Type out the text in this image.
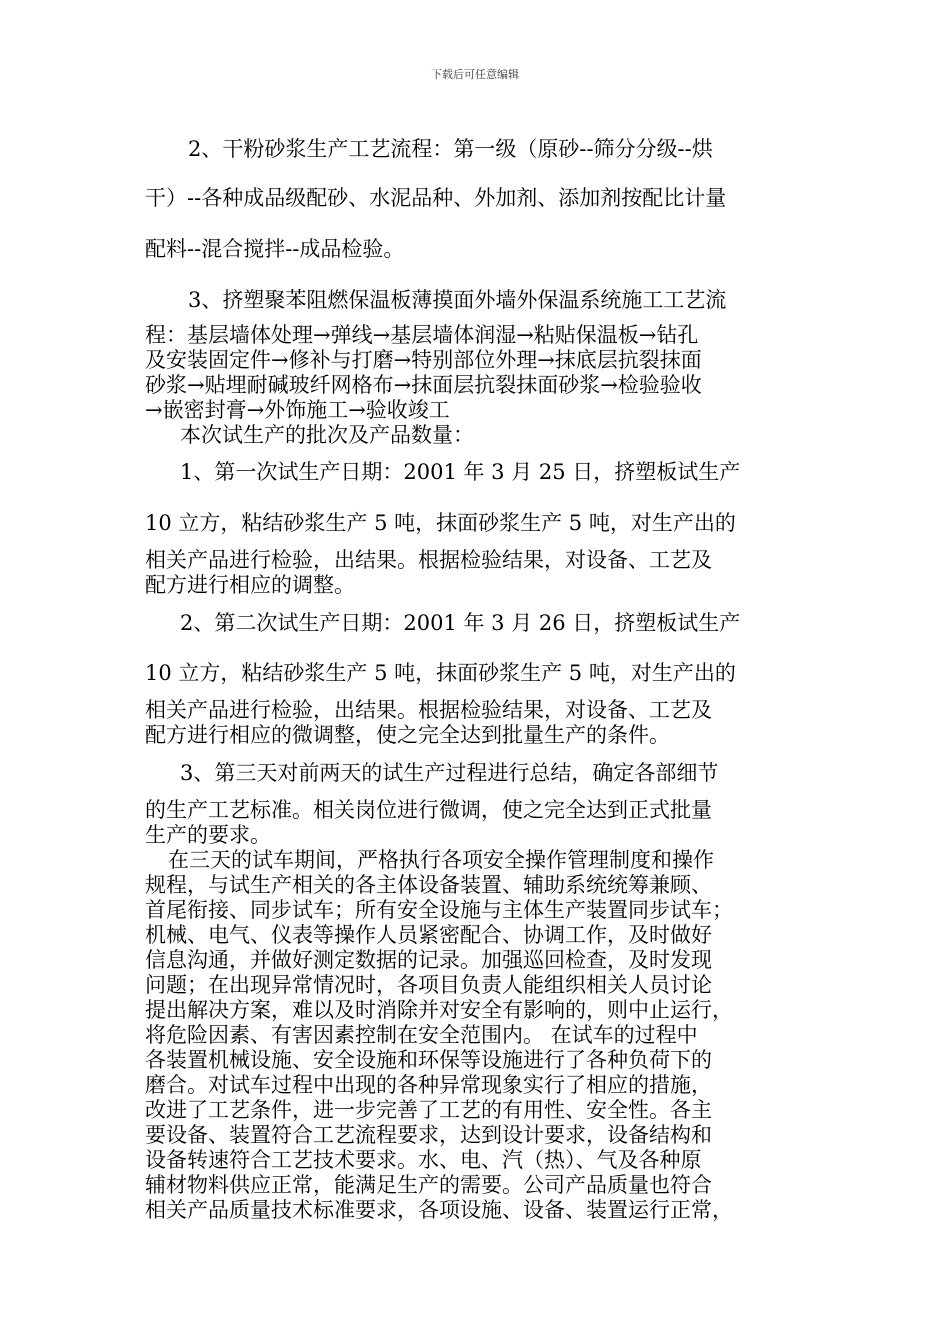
下载后可任意编辑
2、干粉砂浆生产工艺流程：第一级（原砂--筛分分级--烘
干）--各种成品级配砂、水泥品种、外加剂、添加剂按配比计量
配料--混合搅拌--成品检验。
3、挤塑聚苯阻燃保温板薄摸面外墙外保温系统施工工艺流
程：基层墙体处理→弹线→基层墙体润湿→粘贴保温板→钻孔
及安装固定件→修补与打磨→特别部位外理→抹底层抗裂抹面
砂浆→贴埋耐碱玻纤网格布→抹面层抗裂抹面砂浆→检验验收
→嵌密封膏→外饰施工→验收竣工
本次试生产的批次及产品数量：
1、第一次试生产日期：2001 年 3 月 25 日，挤塑板试生产
10 立方，粘结砂浆生产 5 吨，抹面砂浆生产 5 吨，对生产出的
相关产品进行检验，出结果。根据检验结果，对设备、工艺及
配方进行相应的调整。
2、第二次试生产日期：2001 年 3 月 26 日，挤塑板试生产
10 立方，粘结砂浆生产 5 吨，抹面砂浆生产 5 吨，对生产出的
相关产品进行检验，出结果。根据检验结果，对设备、工艺及
配方进行相应的微调整，使之完全达到批量生产的条件。
3、第三天对前两天的试生产过程进行总结，确定各部细节
的生产工艺标准。相关岗位进行微调，使之完全达到正式批量
生产的要求。
在三天的试车期间，严格执行各项安全操作管理制度和操作
规程，与试生产相关的各主体设备装置、辅助系统统筹兼顾、
首尾衔接、同步试车；所有安全设施与主体生产装置同步试车；
机械、电气、仪表等操作人员紧密配合、协调工作，及时做好
信息沟通，并做好测定数据的记录。加强巡回检查，及时发现
问题；在出现异常情况时，各项目负责人能组织相关人员讨论
提出解决方案，难以及时消除并对安全有影响的，则中止运行，
将危险因素、有害因素控制在安全范围内。 在试车的过程中
各装置机械设施、安全设施和环保等设施进行了各种负荷下的
磨合。对试车过程中出现的各种异常现象实行了相应的措施，
改进了工艺条件，进一步完善了工艺的有用性、安全性。各主
要设备、装置符合工艺流程要求，达到设计要求，设备结构和
设备转速符合工艺技术要求。水、电、汽（热）、气及各种原
辅材物料供应正常，能满足生产的需要。公司产品质量也符合
相关产品质量技术标准要求，各项设施、设备、装置运行正常，
